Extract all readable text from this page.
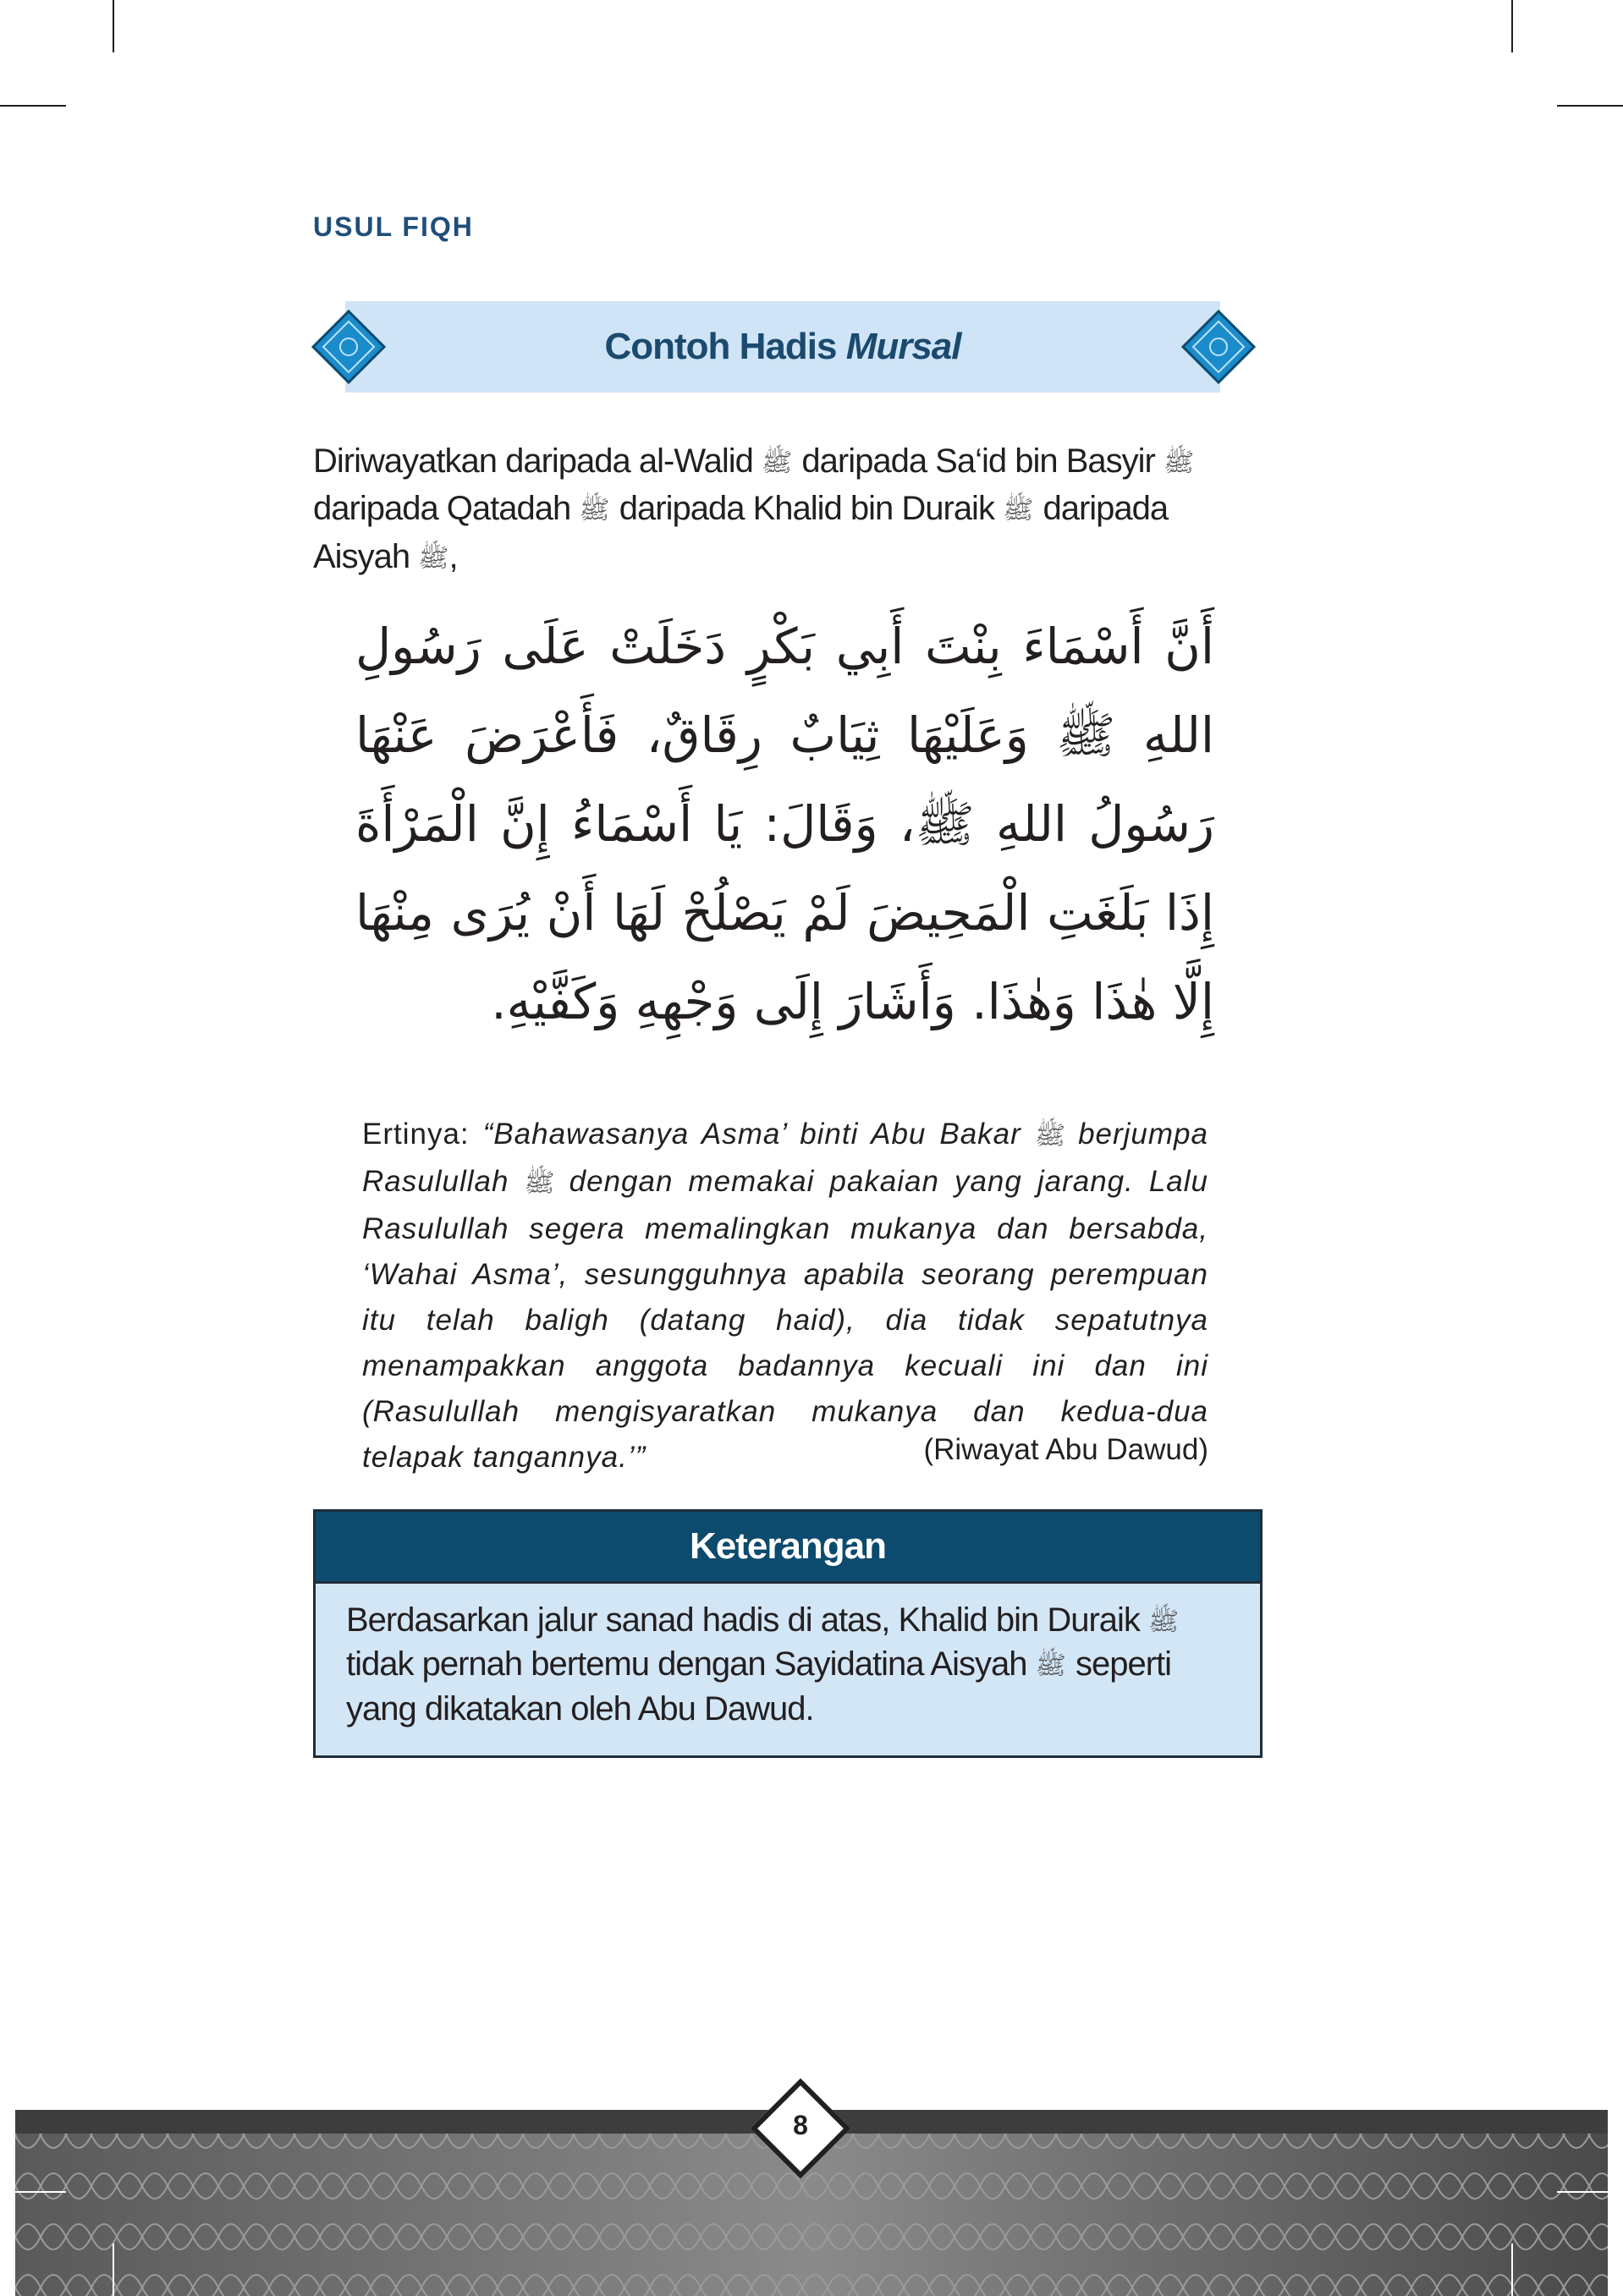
USUL FIQH
Contoh Hadis Mursal
Diriwayatkan daripada al-Walid ﷺ daripada Sa‘id bin Basyir ﷺ daripada Qatadah ﷺ daripada Khalid bin Duraik ﷺ daripada Aisyah ﷺ,
أَنَّ أَسْمَاءَ بِنْتَ أَبِي بَكْرٍ دَخَلَتْ عَلَى رَسُولِ اللهِ ﷺ وَعَلَيْهَا ثِيَابٌ رِقَاقٌ، فَأَعْرَضَ عَنْهَا رَسُولُ اللهِ ﷺ، وَقَالَ: يَا أَسْمَاءُ إِنَّ الْمَرْأَةَ إِذَا بَلَغَتِ الْمَحِيضَ لَمْ يَصْلُحْ لَهَا أَنْ يُرَى مِنْهَا إِلَّا هٰذَا وَهٰذَا. وَأَشَارَ إِلَى وَجْهِهِ وَكَفَّيْهِ.
Ertinya: “Bahawasanya Asma’ binti Abu Bakar ﷺ berjumpa Rasulullah ﷺ dengan memakai pakaian yang jarang. Lalu Rasulullah segera memalingkan mukanya dan bersabda, ‘Wahai Asma’, sesungguhnya apabila seorang perempuan itu telah baligh (datang haid), dia tidak sepatutnya menampakkan anggota badannya kecuali ini dan ini (Rasulullah mengisyaratkan mukanya dan kedua-dua telapak tangannya.’”	(Riwayat Abu Dawud)
Keterangan
Berdasarkan jalur sanad hadis di atas, Khalid bin Duraik ﷺ tidak pernah bertemu dengan Sayidatina Aisyah ﷺ seperti yang dikatakan oleh Abu Dawud.
8
